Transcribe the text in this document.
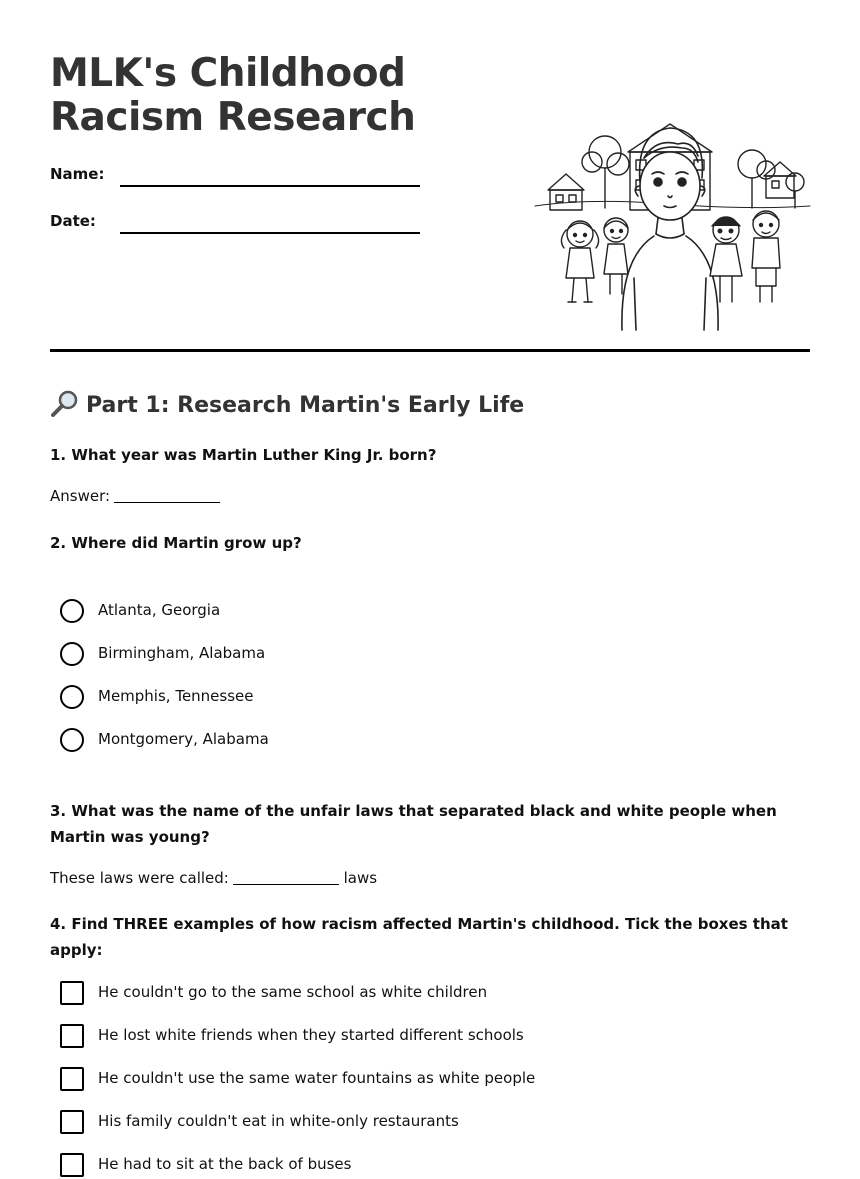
MLK's Childhood
Racism Research
Name:
Date:
Part 1: Research Martin's Early Life
1. What year was Martin Luther King Jr. born?
Answer:
2. Where did Martin grow up?
Atlanta, Georgia
Birmingham, Alabama
Memphis, Tennessee
Montgomery, Alabama
3. What was the name of the unfair laws that separated black and white people when Martin was young?
These laws were called:	laws
4. Find THREE examples of how racism affected Martin's childhood. Tick the boxes that apply:
He couldn't go to the same school as white children
He lost white friends when they started different schools
He couldn't use the same water fountains as white people
His family couldn't eat in white-only restaurants
He had to sit at the back of buses
